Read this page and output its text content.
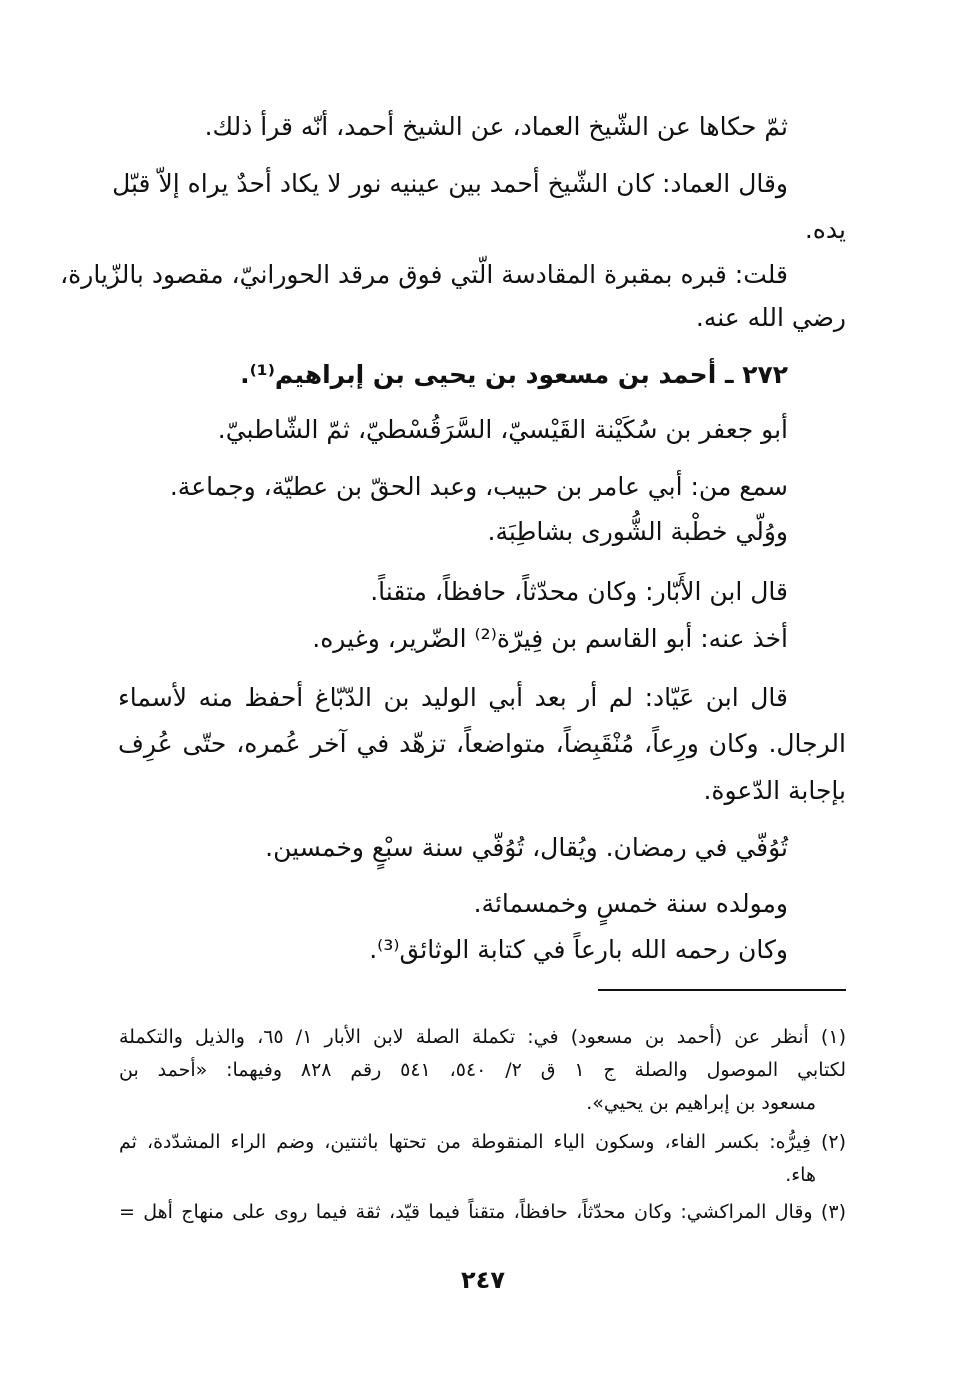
ثمّ حكاها عن الشّيخ العماد، عن الشيخ أحمد، أنّه قرأ ذلك.
وقال العماد: كان الشّيخ أحمد بين عينيه نور لا يكاد أحدٌ يراه إلاّ قبّل
يده.
قلت: قبره بمقبرة المقادسة الّتي فوق مرقد الحورانيّ، مقصود بالزّيارة،
رضي الله عنه.
٢٧٢ ـ أحمد بن مسعود بن يحيى بن إبراهيم⁽¹⁾.
أبو جعفر بن سُكَيْنة القَيْسيّ، السَّرَقُسْطيّ، ثمّ الشّاطبيّ.
سمع من: أبي عامر بن حبيب، وعبد الحقّ بن عطيّة، وجماعة.
ووُلّي خطْبة الشُّورى بشاطِبَة.
قال ابن الأَبّار: وكان محدّثاً، حافظاً، متقناً.
أخذ عنه: أبو القاسم بن فِيرّة⁽²⁾ الضّرير، وغيره.
قال ابن عَيّاد: لم أر بعد أبي الوليد بن الدّبّاغ أحفظ منه لأسماء
الرجال. وكان ورِعاً، مُنْقَبِضاً، متواضعاً، تزهّد في آخر عُمره، حتّى عُرِف
بإجابة الدّعوة.
تُوُفّي في رمضان. ويُقال، تُوُفّي سنة سبْعٍ وخمسين.
ومولده سنة خمسٍ وخمسمائة.
وكان رحمه الله بارعاً في كتابة الوثائق⁽³⁾.
(١) أنظر عن (أحمد بن مسعود) في: تكملة الصلة لابن الأبار ١/ ٦٥، والذيل والتكملة
لكتابي الموصول والصلة ج ١ ق ٢/ ٥٤٠، ٥٤١ رقم ٨٢٨ وفيهما: «أحمد بن
مسعود بن إبراهيم بن يحيي».
(٢) فِيرُّه: بكسر الفاء، وسكون الياء المنقوطة من تحتها باثنتين، وضم الراء المشدّدة، ثم
هاء.
(٣) وقال المراكشي: وكان محدّثاً، حافظاً، متقناً فيما قيّد، ثقة فيما روى على منهاج أهل =
٢٤٧
